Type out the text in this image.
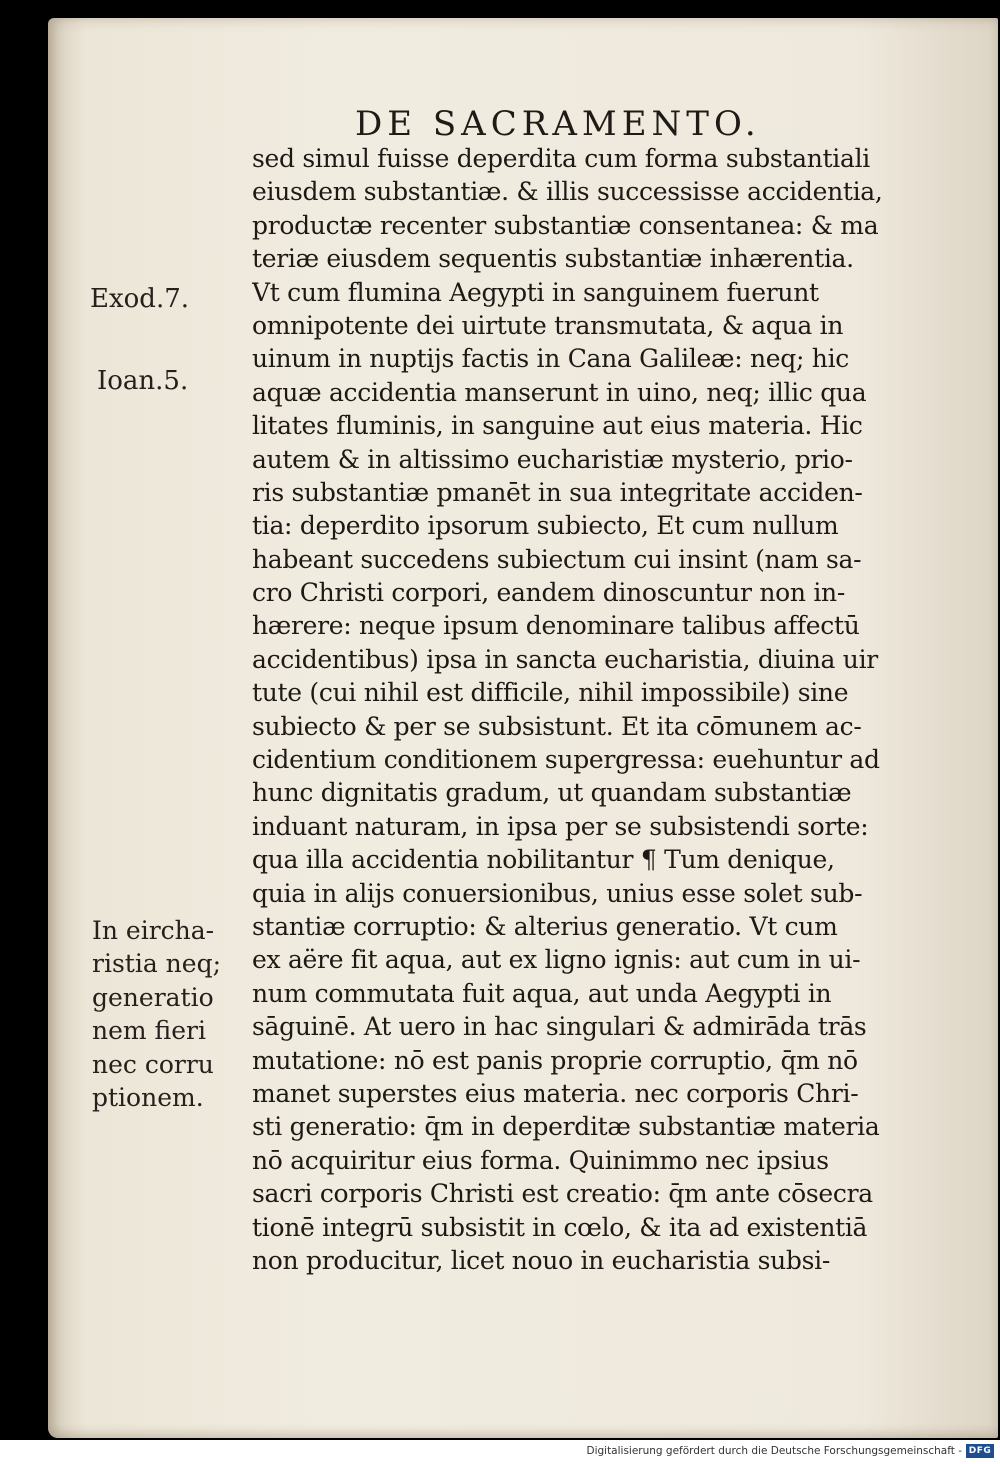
DE SACRAMENTO.
Exod.7.
Ioan.5.
In eircha-
ristia neq;
generatio
nem fieri
nec corru
ptionem.
sed simul fuisse deperdita cum forma substantiali
eiusdem substantiæ. & illis successisse accidentia,
productæ recenter substantiæ consentanea: & ma
teriæ eiusdem sequentis substantiæ inhærentia.
Vt cum flumina Aegypti in sanguinem fuerunt
omnipotente dei uirtute transmutata, & aqua in
uinum in nuptijs factis in Cana Galileæ: neq; hic
aquæ accidentia manserunt in uino, neq; illic qua
litates fluminis, in sanguine aut eius materia. Hic
autem & in altissimo eucharistiæ mysterio, prio-
ris substantiæ pmanēt in sua integritate acciden-
tia: deperdito ipsorum subiecto, Et cum nullum
habeant succedens subiectum cui insint (nam sa-
cro Christi corpori, eandem dinoscuntur non in-
hærere: neque ipsum denominare talibus affectū
accidentibus) ipsa in sancta eucharistia, diuina uir
tute (cui nihil est difficile, nihil impossibile) sine
subiecto & per se subsistunt. Et ita cōmunem ac-
cidentium conditionem supergressa: euehuntur ad
hunc dignitatis gradum, ut quandam substantiæ
induant naturam, in ipsa per se subsistendi sorte:
qua illa accidentia nobilitantur ¶ Tum denique,
quia in alijs conuersionibus, unius esse solet sub-
stantiæ corruptio: & alterius generatio. Vt cum
ex aëre fit aqua, aut ex ligno ignis: aut cum in ui-
num commutata fuit aqua, aut unda Aegypti in
sāguinē. At uero in hac singulari & admirāda trās
mutatione: nō est panis proprie corruptio, q̄m nō
manet superstes eius materia. nec corporis Chri-
sti generatio: q̄m in deperditæ substantiæ materia
nō acquiritur eius forma. Quinimmo nec ipsius
sacri corporis Christi est creatio: q̄m ante cōsecra
tionē integrū subsistit in cœlo, & ita ad existentiā
non producitur, licet nouo in eucharistia subsi-
Digitalisierung gefördert durch die Deutsche Forschungsgemeinschaft - DFG
